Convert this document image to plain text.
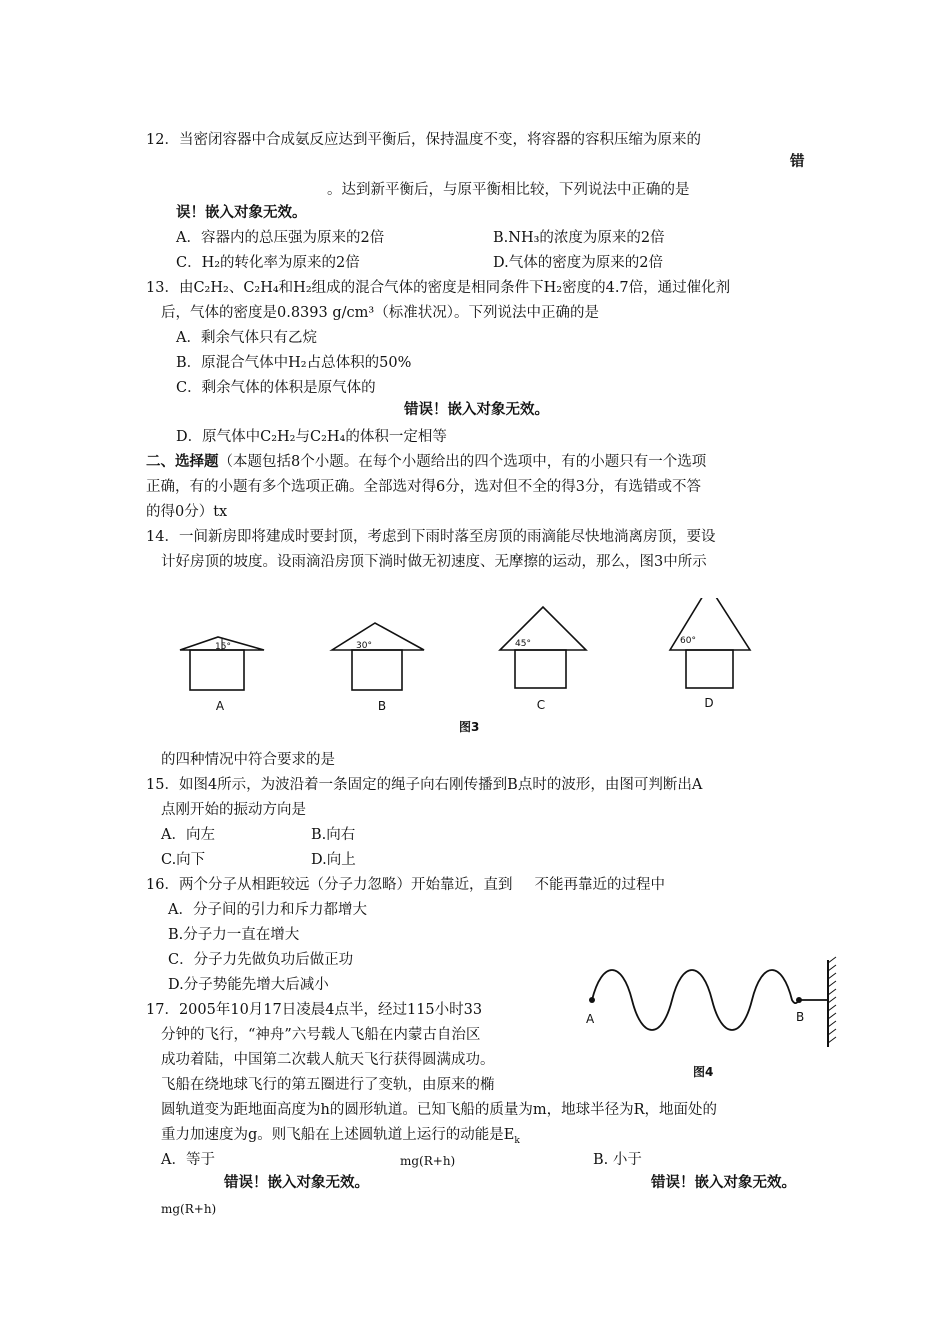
12．当密闭容器中合成氨反应达到平衡后，保持温度不变，将容器的容积压缩为原来的
错
。达到新平衡后，与原平衡相比较，下列说法中正确的是
误！嵌入对象无效。
A．容器内的总压强为原来的2倍	B.NH₃的浓度为原来的2倍
C．H₂的转化率为原来的2倍	D.气体的密度为原来的2倍
13．由C₂H₂、C₂H₄和H₂组成的混合气体的密度是相同条件下H₂密度的4.7倍，通过催化剂
后，气体的密度是0.8393 g/cm³（标准状况）。下列说法中正确的是
A．剩余气体只有乙烷
B．原混合气体中H₂占总体积的50%
C．剩余气体的体积是原气体的
错误！嵌入对象无效。
D．原气体中C₂H₂与C₂H₄的体积一定相等
二、选择题（本题包括8个小题。在每个小题给出的四个选项中，有的小题只有一个选项
正确，有的小题有多个选项正确。全部选对得6分，选对但不全的得3分，有选错或不答
的得0分）tx
14．一间新房即将建成时要封顶，考虑到下雨时落至房顶的雨滴能尽快地淌离房顶，要设
计好房顶的坡度。设雨滴沿房顶下淌时做无初速度、无摩擦的运动，那么，图3中所示
15°
A
30°
B
45°
C
60°
D
图3
的四种情况中符合要求的是
15．如图4所示，为波沿着一条固定的绳子向右刚传播到B点时的波形，由图可判断出A
点刚开始的振动方向是
A．向左	B.向右
C.向下	D.向上
16．两个分子从相距较远（分子力忽略）开始靠近，直到 不能再靠近的过程中
A．分子间的引力和斥力都增大
B.分子力一直在增大
C．分子力先做负功后做正功
D.分子势能先增大后减小
A	B
图4
17．2005年10月17日凌晨4点半，经过115小时33
分钟的飞行，“神舟”六号载人飞船在内蒙古自治区
成功着陆，中国第二次载人航天飞行获得圆满成功。
飞船在绕地球飞行的第五圈进行了变轨，由原来的椭
圆轨道变为距地面高度为h的圆形轨道。已知飞船的质量为m，地球半径为R，地面处的
重力加速度为g。则飞船在上述圆轨道上运行的动能是$E_k$
A．等于	mg(R+h)	B. 小于
错误！嵌入对象无效。	错误！嵌入对象无效。
mg(R+h)
